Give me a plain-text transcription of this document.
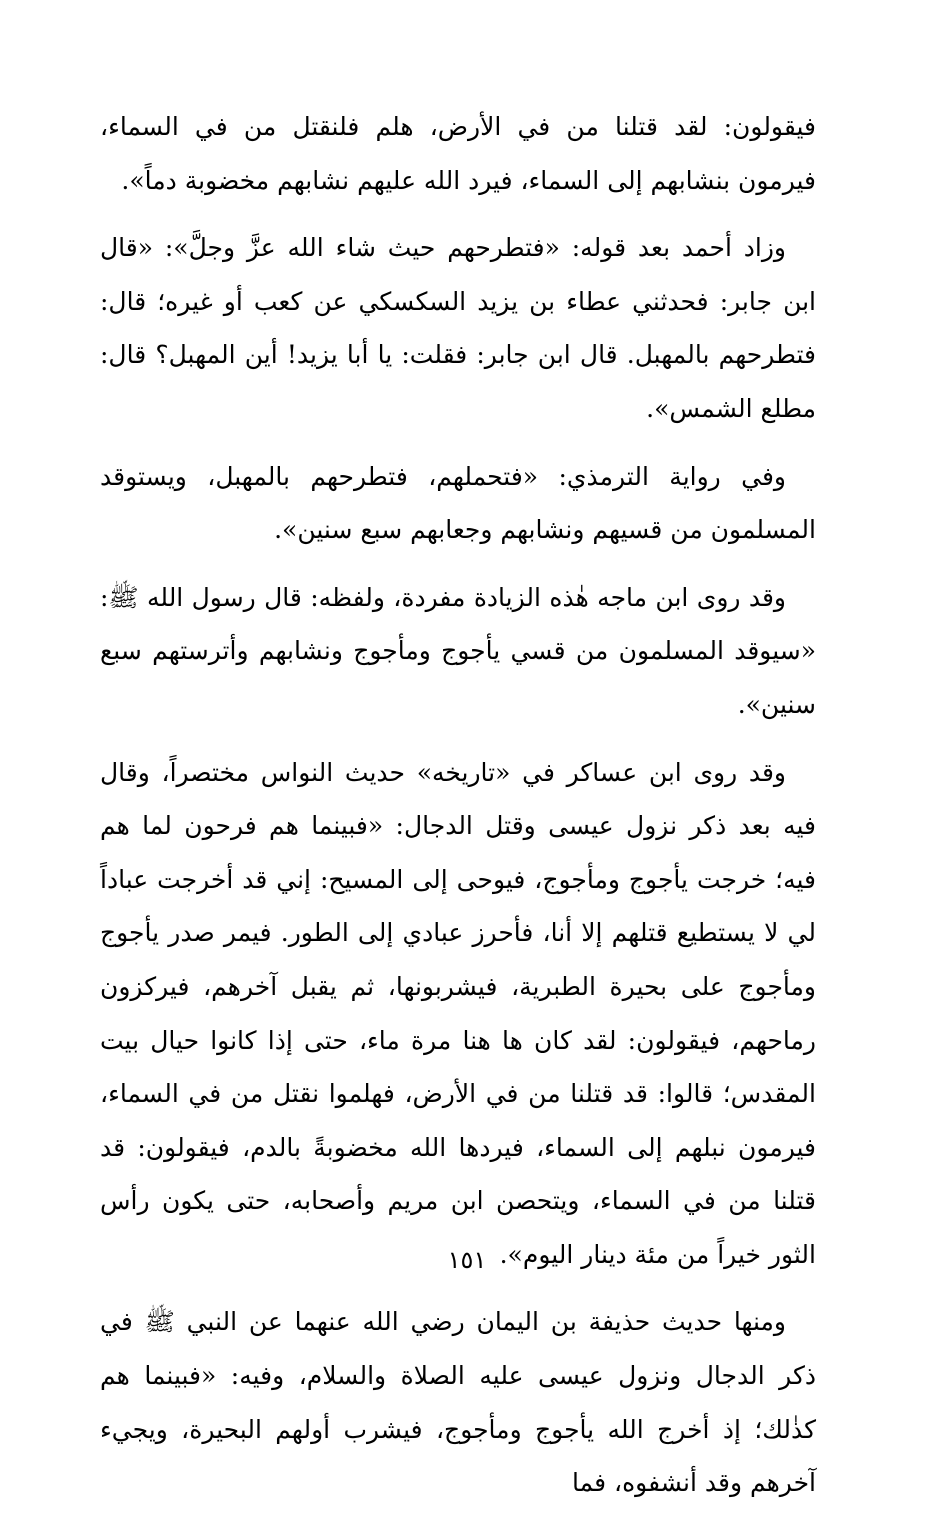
فيقولون: لقد قتلنا من في الأرض، هلم فلنقتل من في السماء، فيرمون بنشابهم إلى السماء، فيرد الله عليهم نشابهم مخضوبة دماً».

وزاد أحمد بعد قوله: «فتطرحهم حيث شاء الله عزَّ وجلَّ»: «قال ابن جابر: فحدثني عطاء بن يزيد السكسكي عن كعب أو غيره؛ قال: فتطرحهم بالمهبل. قال ابن جابر: فقلت: يا أبا يزيد! أين المهبل؟ قال: مطلع الشمس».

وفي رواية الترمذي: «فتحملهم، فتطرحهم بالمهبل، ويستوقد المسلمون من قسيهم ونشابهم وجعابهم سبع سنين».

وقد روى ابن ماجه هٰذه الزيادة مفردة، ولفظه: قال رسول الله ﷺ: «سيوقد المسلمون من قسي يأجوج ومأجوج ونشابهم وأترستهم سبع سنين».

وقد روى ابن عساكر في «تاريخه» حديث النواس مختصراً، وقال فيه بعد ذكر نزول عيسى وقتل الدجال: «فبينما هم فرحون لما هم فيه؛ خرجت يأجوج ومأجوج، فيوحى إلى المسيح: إني قد أخرجت عباداً لي لا يستطيع قتلهم إلا أنا، فأحرز عبادي إلى الطور. فيمر صدر يأجوج ومأجوج على بحيرة الطبرية، فيشربونها، ثم يقبل آخرهم، فيركزون رماحهم، فيقولون: لقد كان ها هنا مرة ماء، حتى إذا كانوا حيال بيت المقدس؛ قالوا: قد قتلنا من في الأرض، فهلموا نقتل من في السماء، فيرمون نبلهم إلى السماء، فيردها الله مخضوبةً بالدم، فيقولون: قد قتلنا من في السماء، ويتحصن ابن مريم وأصحابه، حتى يكون رأس الثور خيراً من مئة دينار اليوم».

ومنها حديث حذيفة بن اليمان رضي الله عنهما عن النبي ﷺ في ذكر الدجال ونزول عيسى عليه الصلاة والسلام، وفيه: «فبينما هم كذٰلك؛ إذ أخرج الله يأجوج ومأجوج، فيشرب أولهم البحيرة، ويجيء آخرهم وقد أنشفوه، فما

١٥١
